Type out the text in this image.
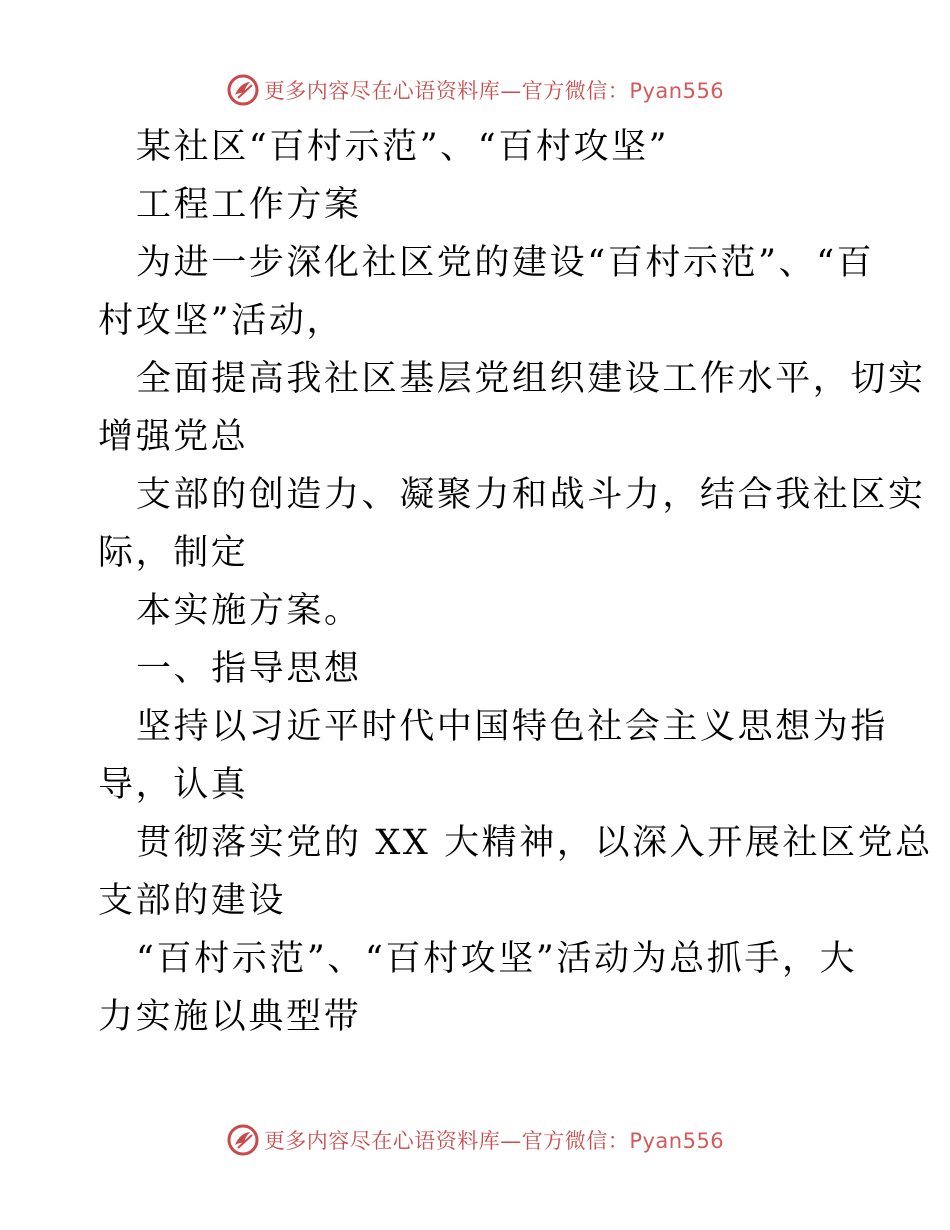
更多内容尽在心语资料库—官方微信：Pyan556
某社区“百村示范”、“百村攻坚”
工程工作方案
为进一步深化社区党的建设“百村示范”、“百
村攻坚”活动，
全面提高我社区基层党组织建设工作水平，切实
增强党总
支部的创造力、凝聚力和战斗力，结合我社区实
际，制定
本实施方案。
一、指导思想
坚持以习近平时代中国特色社会主义思想为指
导，认真
贯彻落实党的 XX 大精神，以深入开展社区党总
支部的建设
“百村示范”、“百村攻坚”活动为总抓手，大
力实施以典型带
更多内容尽在心语资料库—官方微信：Pyan556
